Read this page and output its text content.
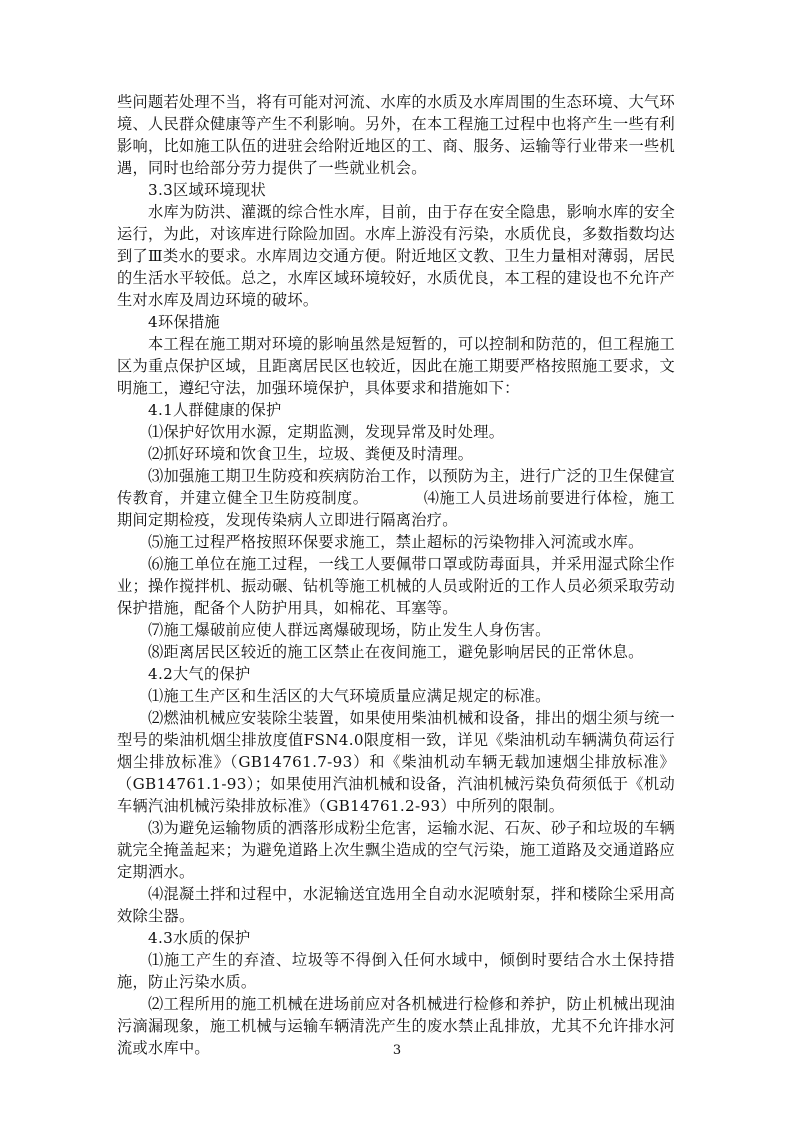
些问题若处理不当，将有可能对河流、水库的水质及水库周围的生态环境、大气环境、人民群众健康等产生不利影响。另外，在本工程施工过程中也将产生一些有利影响，比如施工队伍的进驻会给附近地区的工、商、服务、运输等行业带来一些机遇，同时也给部分劳力提供了一些就业机会。

3.3区域环境现状

水库为防洪、灌溉的综合性水库，目前，由于存在安全隐患，影响水库的安全运行，为此，对该库进行除险加固。水库上游没有污染，水质优良，多数指数均达到了Ⅲ类水的要求。水库周边交通方便。附近地区文教、卫生力量相对薄弱，居民的生活水平较低。总之，水库区域环境较好，水质优良，本工程的建设也不允许产生对水库及周边环境的破坏。

4环保措施

本工程在施工期对环境的影响虽然是短暂的，可以控制和防范的，但工程施工区为重点保护区域，且距离居民区也较近，因此在施工期要严格按照施工要求，文明施工，遵纪守法，加强环境保护，具体要求和措施如下：

4.1人群健康的保护

⑴保护好饮用水源，定期监测，发现异常及时处理。

⑵抓好环境和饮食卫生，垃圾、粪便及时清理。

⑶加强施工期卫生防疫和疾病防治工作，以预防为主，进行广泛的卫生保健宣传教育，并建立健全卫生防疫制度。　　　　⑷施工人员进场前要进行体检，施工期间定期检疫，发现传染病人立即进行隔离治疗。

⑸施工过程严格按照环保要求施工，禁止超标的污染物排入河流或水库。

⑹施工单位在施工过程，一线工人要佩带口罩或防毒面具，并采用湿式除尘作业；操作搅拌机、振动碾、钻机等施工机械的人员或附近的工作人员必须采取劳动保护措施，配备个人防护用具，如棉花、耳塞等。

⑺施工爆破前应使人群远离爆破现场，防止发生人身伤害。

⑻距离居民区较近的施工区禁止在夜间施工，避免影响居民的正常休息。

4.2大气的保护

⑴施工生产区和生活区的大气环境质量应满足规定的标准。

⑵燃油机械应安装除尘装置，如果使用柴油机械和设备，排出的烟尘须与统一型号的柴油机烟尘排放度值FSN4.0限度相一致，详见《柴油机动车辆满负荷运行烟尘排放标准》（GB14761.7-93）和《柴油机动车辆无载加速烟尘排放标准》（GB14761.1-93）；如果使用汽油机械和设备，汽油机械污染负荷须低于《机动车辆汽油机械污染排放标准》（GB14761.2-93）中所列的限制。

⑶为避免运输物质的洒落形成粉尘危害，运输水泥、石灰、砂子和垃圾的车辆就完全掩盖起来；为避免道路上次生飘尘造成的空气污染，施工道路及交通道路应定期洒水。

⑷混凝土拌和过程中，水泥输送宜选用全自动水泥喷射泵，拌和楼除尘采用高效除尘器。

4.3水质的保护

⑴施工产生的弃渣、垃圾等不得倒入任何水域中，倾倒时要结合水土保持措施，防止污染水质。

⑵工程所用的施工机械在进场前应对各机械进行检修和养护，防止机械出现油污滴漏现象，施工机械与运输车辆清洗产生的废水禁止乱排放，尤其不允许排水河流或水库中。	3
